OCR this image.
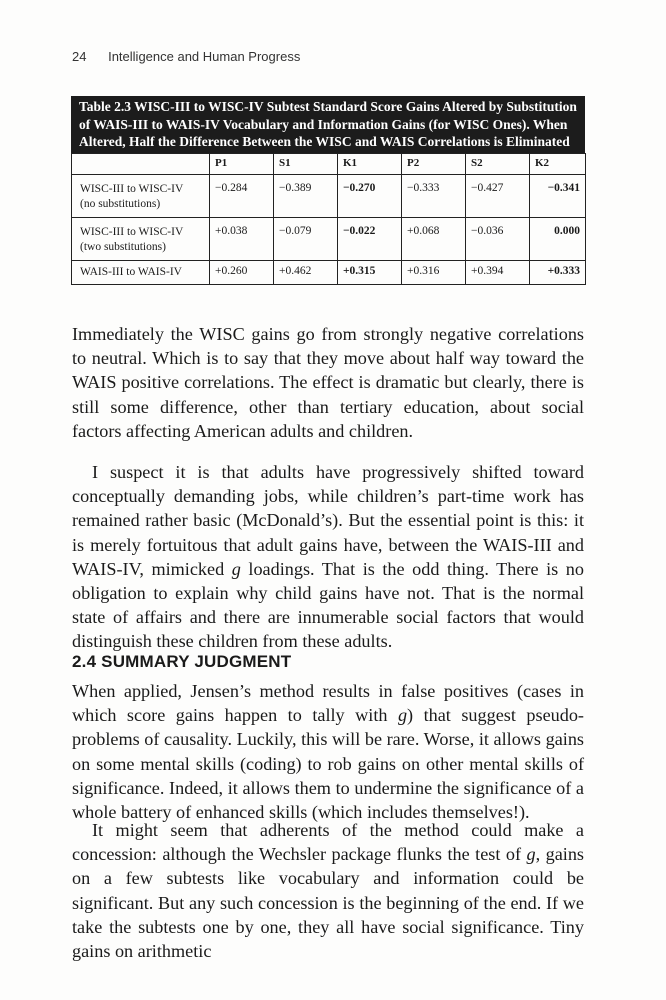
24 Intelligence and Human Progress
Table 2.3 WISC-III to WISC-IV Subtest Standard Score Gains Altered by Substitution of WAIS-III to WAIS-IV Vocabulary and Information Gains (for WISC Ones). When Altered, Half the Difference Between the WISC and WAIS Correlations is Eliminated
	P1	S1	K1	P2	S2	K2

WISC-III to WISC-IV
(no substitutions)	−0.284	−0.389	−0.270	−0.333	−0.427	−0.341

WISC-III to WISC-IV
(two substitutions)	+0.038	−0.079	−0.022	+0.068	−0.036	0.000

WAIS-III to WAIS-IV	+0.260	+0.462	+0.315	+0.316	+0.394	+0.333

Immediately the WISC gains go from strongly negative correlations to neutral. Which is to say that they move about half way toward the WAIS positive correlations. The effect is dramatic but clearly, there is still some difference, other than tertiary education, about social factors affecting American adults and children.

I suspect it is that adults have progressively shifted toward conceptually demanding jobs, while children’s part-time work has remained rather basic (McDonald’s). But the essential point is this: it is merely fortuitous that adult gains have, between the WAIS-III and WAIS-IV, mimicked g loadings. That is the odd thing. There is no obligation to explain why child gains have not. That is the normal state of affairs and there are innumerable social factors that would distinguish these children from these adults.

2.4 SUMMARY JUDGMENT

When applied, Jensen’s method results in false positives (cases in which score gains happen to tally with g) that suggest pseudo-problems of causality. Luckily, this will be rare. Worse, it allows gains on some mental skills (coding) to rob gains on other mental skills of significance. Indeed, it allows them to undermine the significance of a whole battery of enhanced skills (which includes themselves!).

It might seem that adherents of the method could make a concession: although the Wechsler package flunks the test of g, gains on a few subtests like vocabulary and information could be significant. But any such concession is the beginning of the end. If we take the subtests one by one, they all have social significance. Tiny gains on arithmetic
